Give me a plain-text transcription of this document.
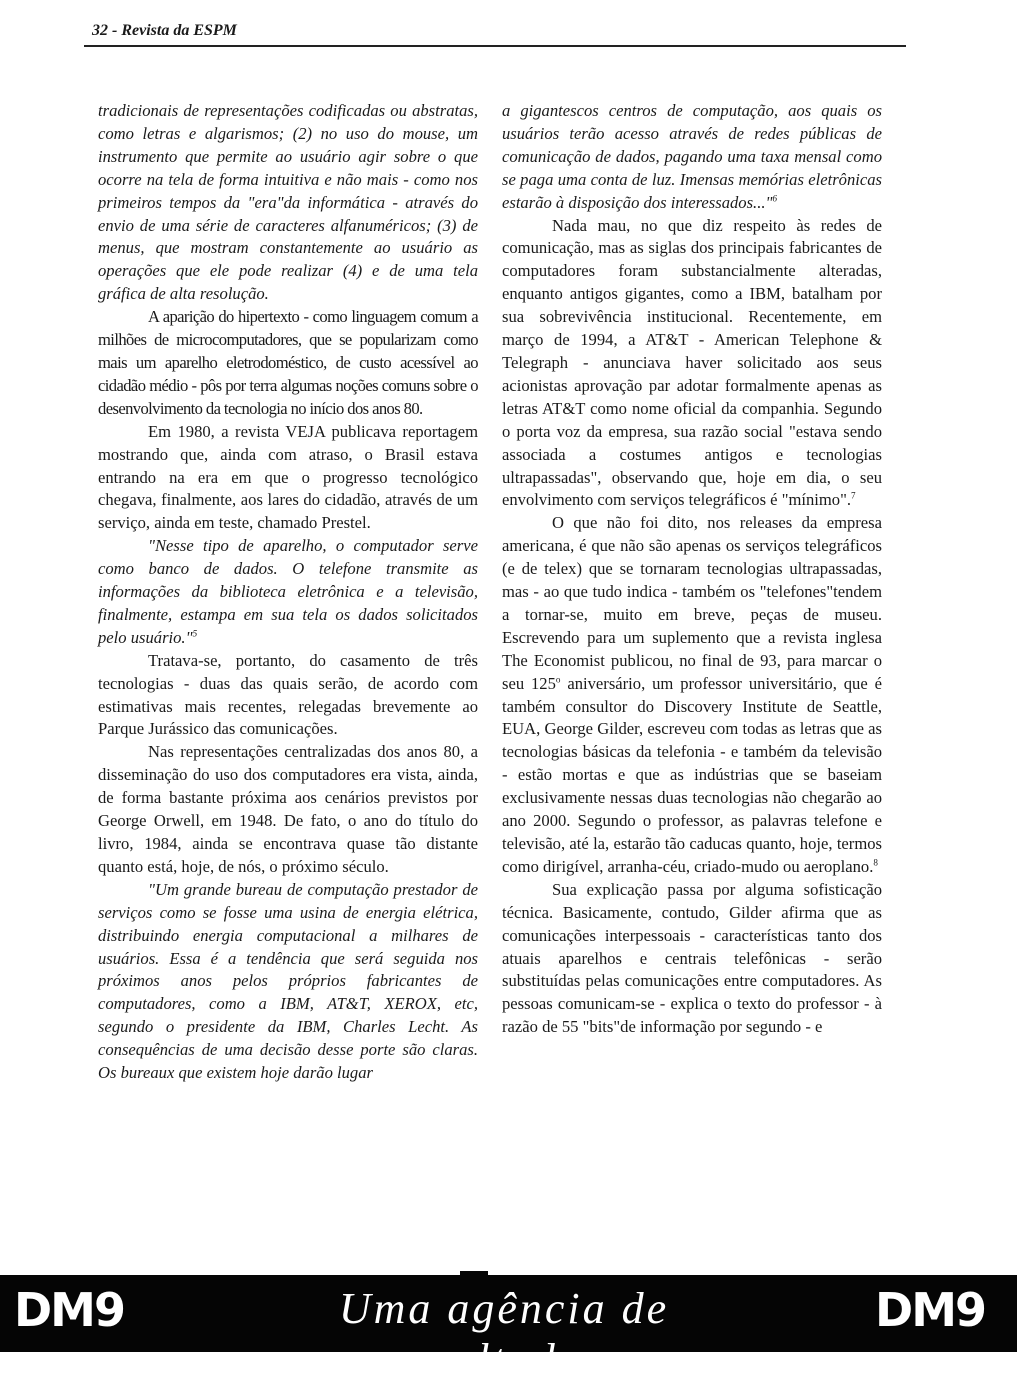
32 - Revista da ESPM

tradicionais de representações codificadas ou abstratas, como letras e algarismos; (2) no uso do mouse, um instrumento que permite ao usuário agir sobre o que ocorre na tela de forma intuitiva e não mais - como nos primeiros tempos da "era"da informática - através do envio de uma série de caracteres alfanuméricos; (3) de menus, que mostram constantemente ao usuário as operações que ele pode realizar (4) e de uma tela gráfica de alta resolução.

A aparição do hipertexto - como linguagem comum a milhões de microcomputadores, que se popularizam como mais um aparelho eletrodoméstico, de custo acessível ao cidadão médio - pôs por terra algumas noções comuns sobre o desenvolvimento da tecnologia no início dos anos 80.

Em 1980, a revista VEJA publicava reportagem mostrando que, ainda com atraso, o Brasil estava entrando na era em que o progresso tecnológico chegava, finalmente, aos lares do cidadão, através de um serviço, ainda em teste, chamado Prestel.

"Nesse tipo de aparelho, o computador serve como banco de dados. O telefone transmite as informações da biblioteca eletrônica e a televisão, finalmente, estampa em sua tela os dados solicitados pelo usuário."$^5$

Tratava-se, portanto, do casamento de três tecnologias - duas das quais serão, de acordo com estimativas mais recentes, relegadas brevemente ao Parque Jurássico das comunicações.

Nas representações centralizadas dos anos 80, a disseminação do uso dos computadores era vista, ainda, de forma bastante próxima aos cenários previstos por George Orwell, em 1948. De fato, o ano do título do livro, 1984, ainda se encontrava quase tão distante quanto está, hoje, de nós, o próximo século.

"Um grande bureau de computação prestador de serviços como se fosse uma usina de energia elétrica, distribuindo energia computacional a milhares de usuários. Essa é a tendência que será seguida nos próximos anos pelos próprios fabricantes de computadores, como a IBM, AT&T, XEROX, etc, segundo o presidente da IBM, Charles Lecht. As consequências de uma decisão desse porte são claras. Os bureaux que existem hoje darão lugar

a gigantescos centros de computação, aos quais os usuários terão acesso através de redes públicas de comunicação de dados, pagando uma taxa mensal como se paga uma conta de luz. Imensas memórias eletrônicas estarão à disposição dos interessados..."$^6$

Nada mau, no que diz respeito às redes de comunicação, mas as siglas dos principais fabricantes de computadores foram substancialmente alteradas, enquanto antigos gigantes, como a IBM, batalham por sua sobrevivência institucional. Recentemente, em março de 1994, a AT&T - American Telephone & Telegraph - anunciava haver solicitado aos seus acionistas aprovação par adotar formalmente apenas as letras AT&T como nome oficial da companhia. Segundo o porta voz da empresa, sua razão social "estava sendo associada a costumes antigos e tecnologias ultrapassadas", observando que, hoje em dia, o seu envolvimento com serviços telegráficos é "mínimo".$^7$

O que não foi dito, nos releases da empresa americana, é que não são apenas os serviços telegráficos (e de telex) que se tornaram tecnologias ultrapassadas, mas - ao que tudo indica - também os "telefones"tendem a tornar-se, muito em breve, peças de museu. Escrevendo para um suplemento que a revista inglesa The Economist publicou, no final de 93, para marcar o seu 125$^o$ aniversário, um professor universitário, que é também consultor do Discovery Institute de Seattle, EUA, George Gilder, escreveu com todas as letras que as tecnologias básicas da telefonia - e também da televisão - estão mortas e que as indústrias que se baseiam exclusivamente nessas duas tecnologias não chegarão ao ano 2000. Segundo o professor, as palavras telefone e televisão, até la, estarão tão caducas quanto, hoje, termos como dirigível, arranha-céu, criado-mudo ou aeroplano.$^8$

Sua explicação passa por alguma sofisticação técnica. Basicamente, contudo, Gilder afirma que as comunicações interpessoais - características tanto dos atuais aparelhos e centrais telefônicas - serão substituídas pelas comunicações entre computadores. As pessoas comunicam-se - explica o texto do professor - à razão de 55 "bits"de informação por segundo - e

DM9	Uma agência de resultados.
DM9
